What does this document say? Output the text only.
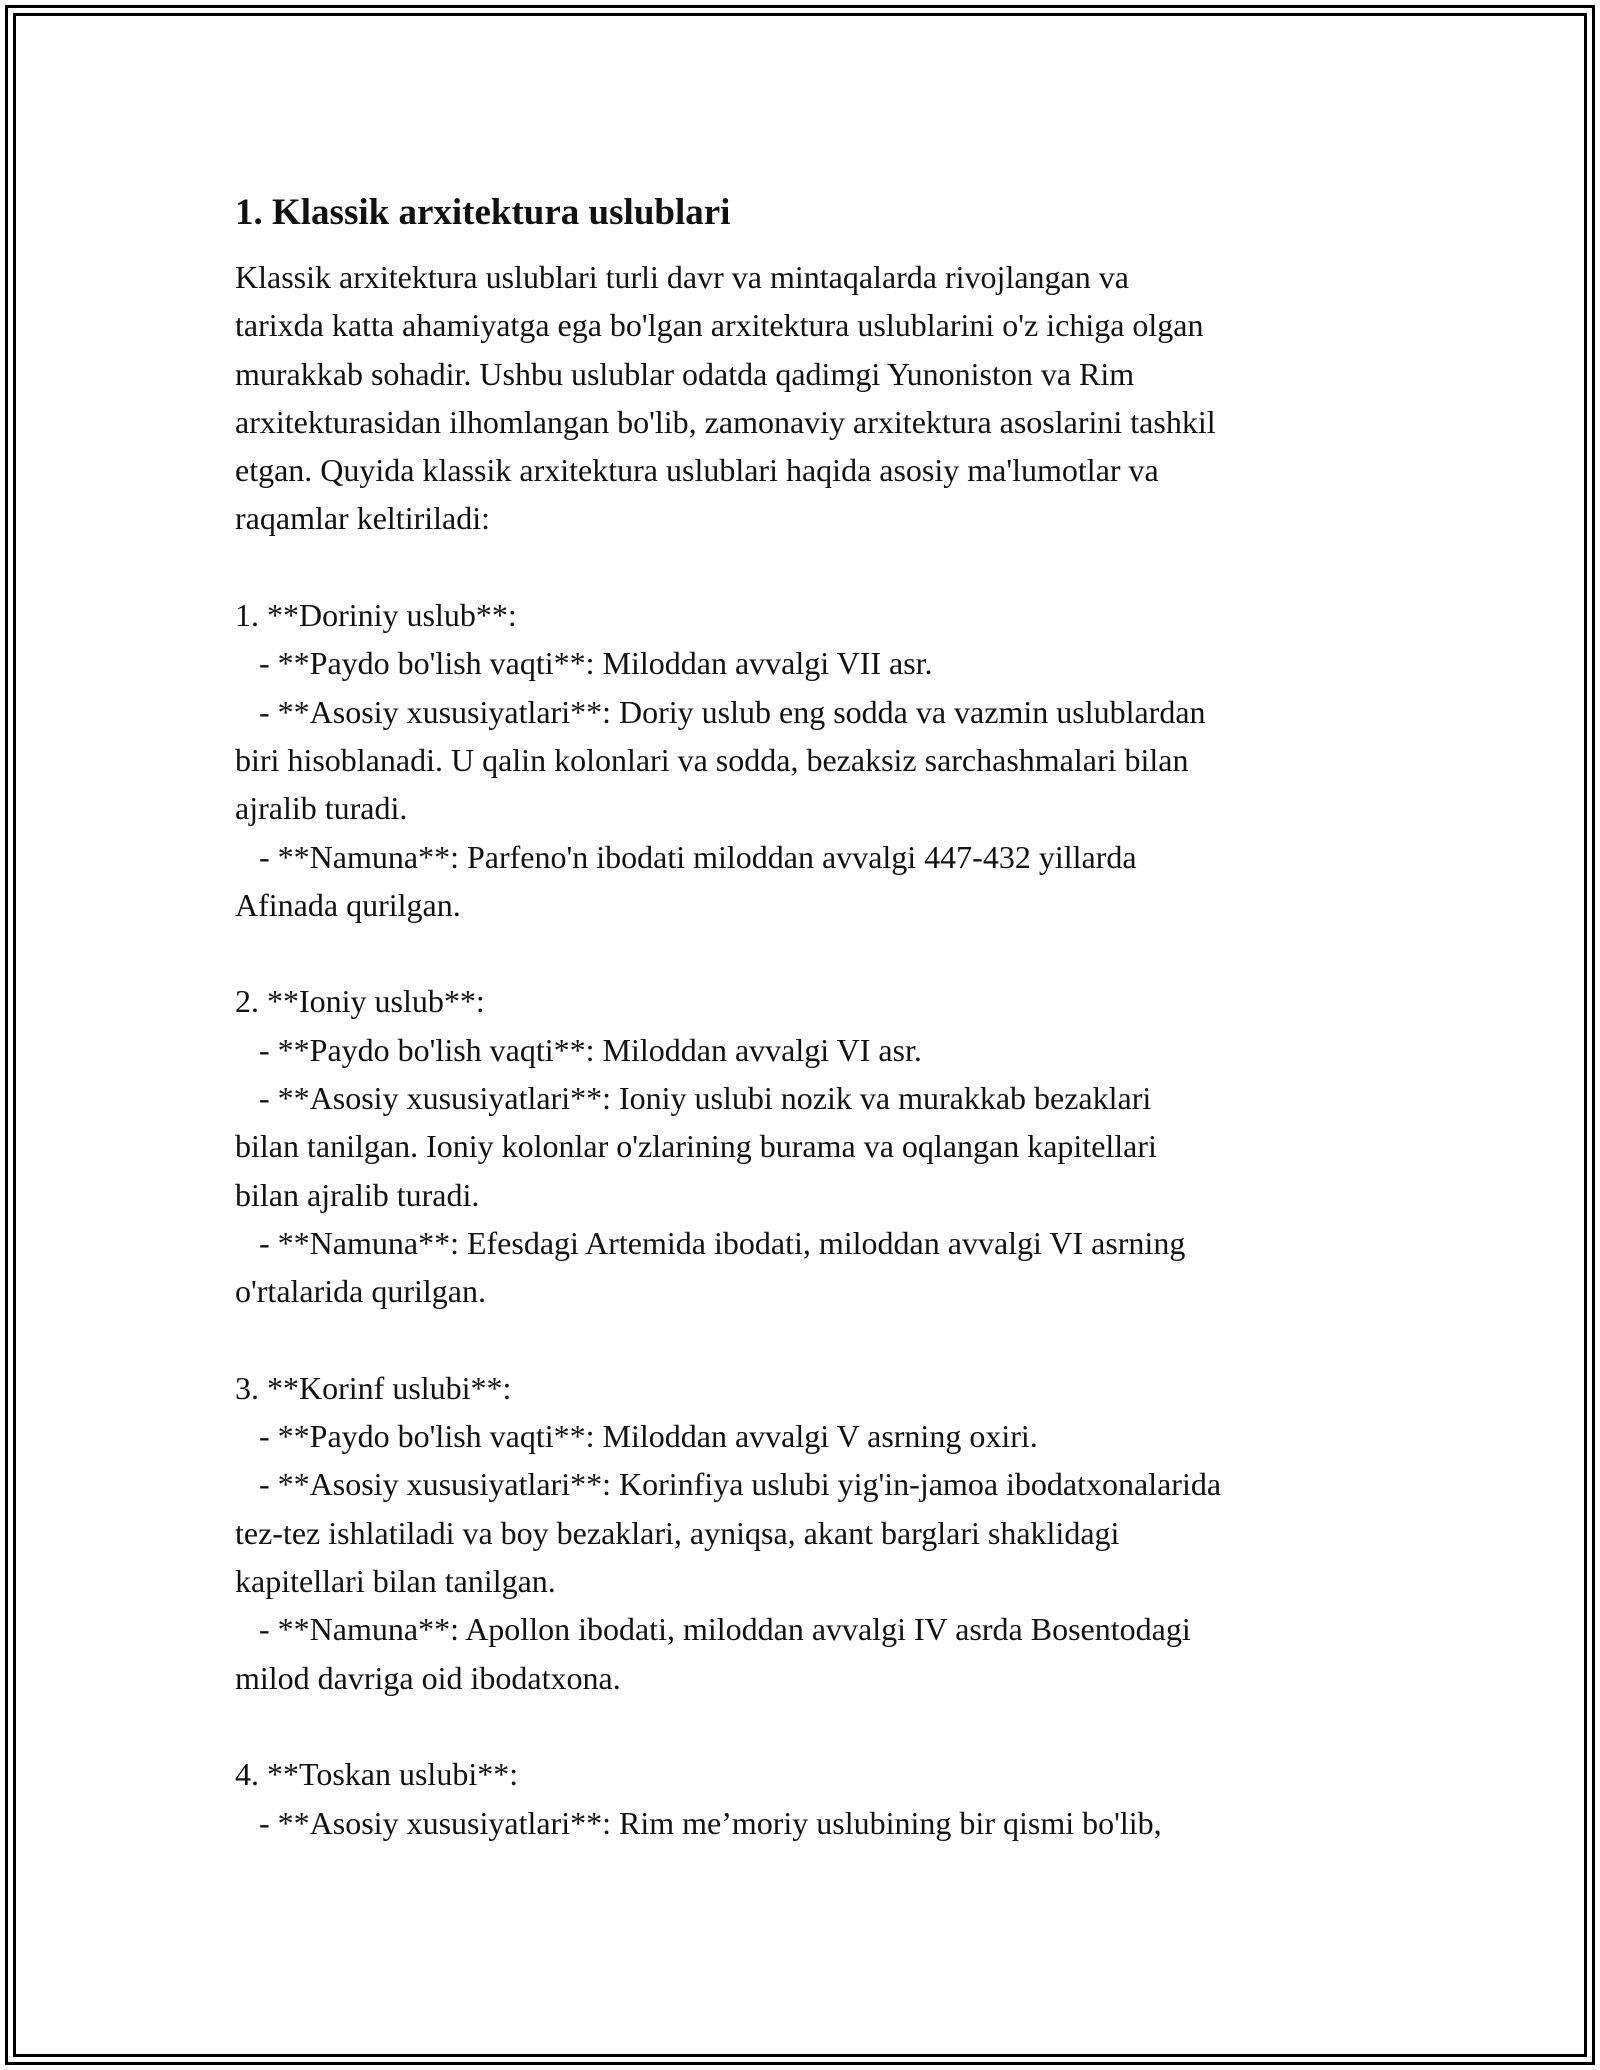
1. Klassik arxitektura uslublari
Klassik arxitektura uslublari turli davr va mintaqalarda rivojlangan va
tarixda katta ahamiyatga ega bo'lgan arxitektura uslublarini o'z ichiga olgan
murakkab sohadir. Ushbu uslublar odatda qadimgi Yunoniston va Rim
arxitekturasidan ilhomlangan bo'lib, zamonaviy arxitektura asoslarini tashkil
etgan. Quyida klassik arxitektura uslublari haqida asosiy ma'lumotlar va
raqamlar keltiriladi:
1. **Doriniy uslub**:
- **Paydo bo'lish vaqti**: Miloddan avvalgi VII asr.
- **Asosiy xususiyatlari**: Doriy uslub eng sodda va vazmin uslublardan
biri hisoblanadi. U qalin kolonlari va sodda, bezaksiz sarchashmalari bilan
ajralib turadi.
- **Namuna**: Parfeno'n ibodati miloddan avvalgi 447-432 yillarda
Afinada qurilgan.
2. **Ioniy uslub**:
- **Paydo bo'lish vaqti**: Miloddan avvalgi VI asr.
- **Asosiy xususiyatlari**: Ioniy uslubi nozik va murakkab bezaklari
bilan tanilgan. Ioniy kolonlar o'zlarining burama va oqlangan kapitellari
bilan ajralib turadi.
- **Namuna**: Efesdagi Artemida ibodati, miloddan avvalgi VI asrning
o'rtalarida qurilgan.
3. **Korinf uslubi**:
- **Paydo bo'lish vaqti**: Miloddan avvalgi V asrning oxiri.
- **Asosiy xususiyatlari**: Korinfiya uslubi yig'in-jamoa ibodatxonalarida
tez-tez ishlatiladi va boy bezaklari, ayniqsa, akant barglari shaklidagi
kapitellari bilan tanilgan.
- **Namuna**: Apollon ibodati, miloddan avvalgi IV asrda Bosentodagi
milod davriga oid ibodatxona.
4. **Toskan uslubi**:
- **Asosiy xususiyatlari**: Rim me’moriy uslubining bir qismi bo'lib,
